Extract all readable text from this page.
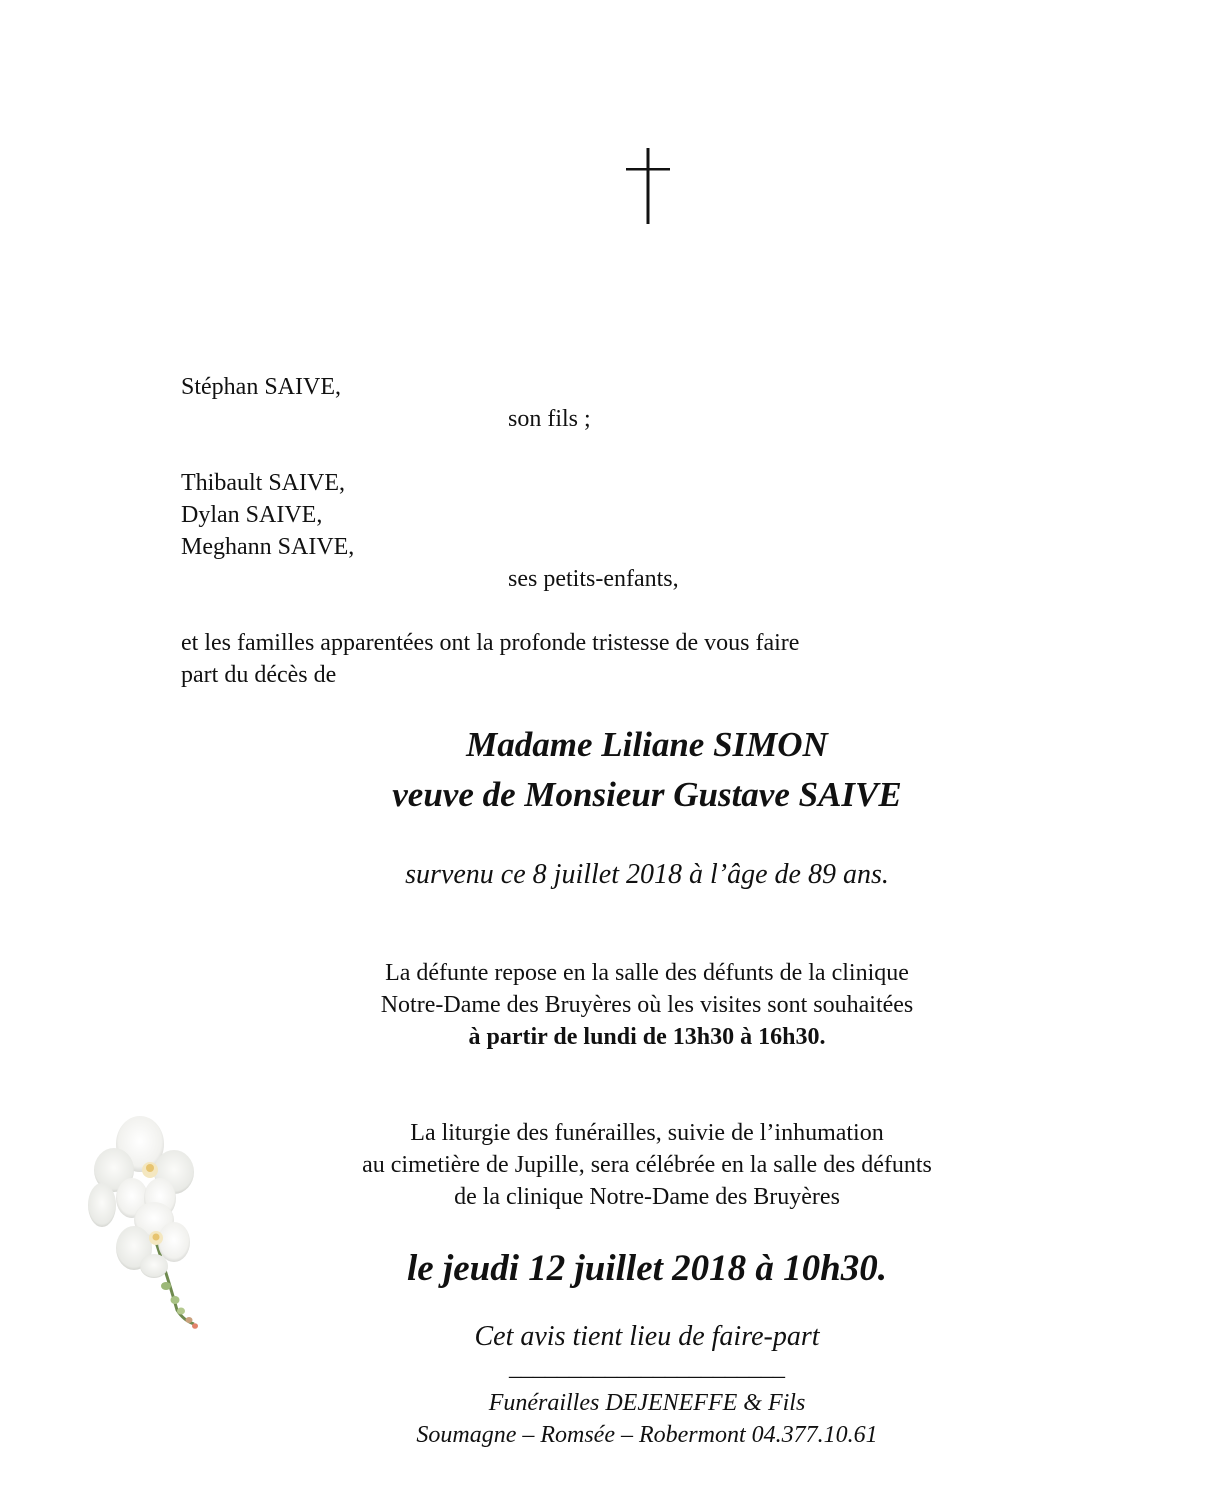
Stéphan SAIVE,
son fils ;
Thibault SAIVE,
Dylan SAIVE,
Meghann SAIVE,
ses petits-enfants,
et les familles apparentées ont la profonde tristesse de vous faire
part du décès de
Madame Liliane SIMON
veuve de Monsieur Gustave SAIVE
survenu ce 8 juillet 2018 à l’âge de 89 ans.
La défunte repose en la salle des défunts de la clinique
Notre-Dame des Bruyères où les visites sont souhaitées
à partir de lundi de 13h30 à 16h30.
La liturgie des funérailles, suivie de l’inhumation
au cimetière de Jupille, sera célébrée en la salle des défunts
de la clinique Notre-Dame des Bruyères
le jeudi 12 juillet 2018 à 10h30.
Cet avis tient lieu de faire-part
_______________________
Funérailles DEJENEFFE & Fils
Soumagne – Romsée – Robermont 04.377.10.61
